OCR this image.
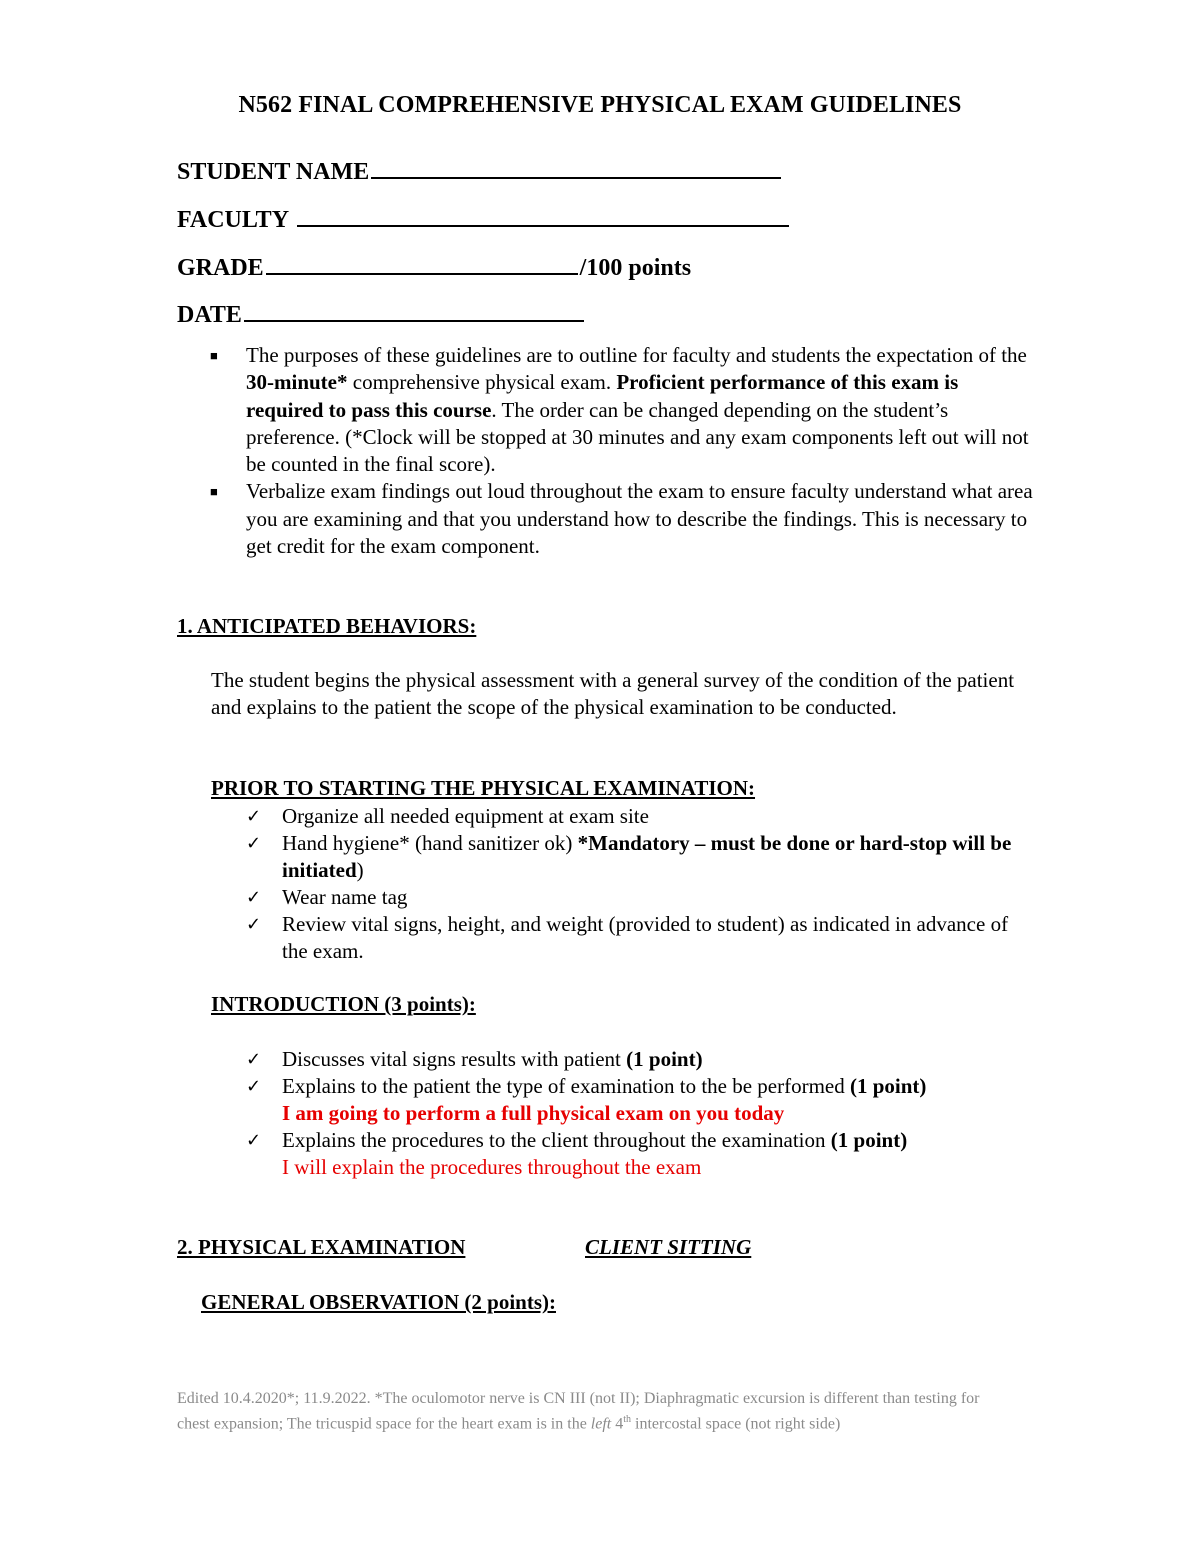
N562 FINAL COMPREHENSIVE PHYSICAL EXAM GUIDELINES
STUDENT NAME
FACULTY
GRADE	/100 points
DATE
■ The purposes of these guidelines are to outline for faculty and students the expectation of the 30-minute* comprehensive physical exam. Proficient performance of this exam is required to pass this course. The order can be changed depending on the student’s preference. (*Clock will be stopped at 30 minutes and any exam components left out will not be counted in the final score).
■ Verbalize exam findings out loud throughout the exam to ensure faculty understand what area you are examining and that you understand how to describe the findings. This is necessary to get credit for the exam component.
1. ANTICIPATED BEHAVIORS:
The student begins the physical assessment with a general survey of the condition of the patient and explains to the patient the scope of the physical examination to be conducted.
PRIOR TO STARTING THE PHYSICAL EXAMINATION:
✓ Organize all needed equipment at exam site
✓ Hand hygiene* (hand sanitizer ok) *Mandatory – must be done or hard-stop will be initiated)
✓ Wear name tag
✓ Review vital signs, height, and weight (provided to student) as indicated in advance of the exam.
INTRODUCTION (3 points):
✓ Discusses vital signs results with patient (1 point)
✓ Explains to the patient the type of examination to the be performed (1 point)
I am going to perform a full physical exam on you today
✓ Explains the procedures to the client throughout the examination (1 point)
I will explain the procedures throughout the exam
2. PHYSICAL EXAMINATION	CLIENT SITTING
GENERAL OBSERVATION (2 points):
Edited 10.4.2020*; 11.9.2022. *The oculomotor nerve is CN III (not II); Diaphragmatic excursion is different than testing for chest expansion; The tricuspid space for the heart exam is in the left 4th intercostal space (not right side)
